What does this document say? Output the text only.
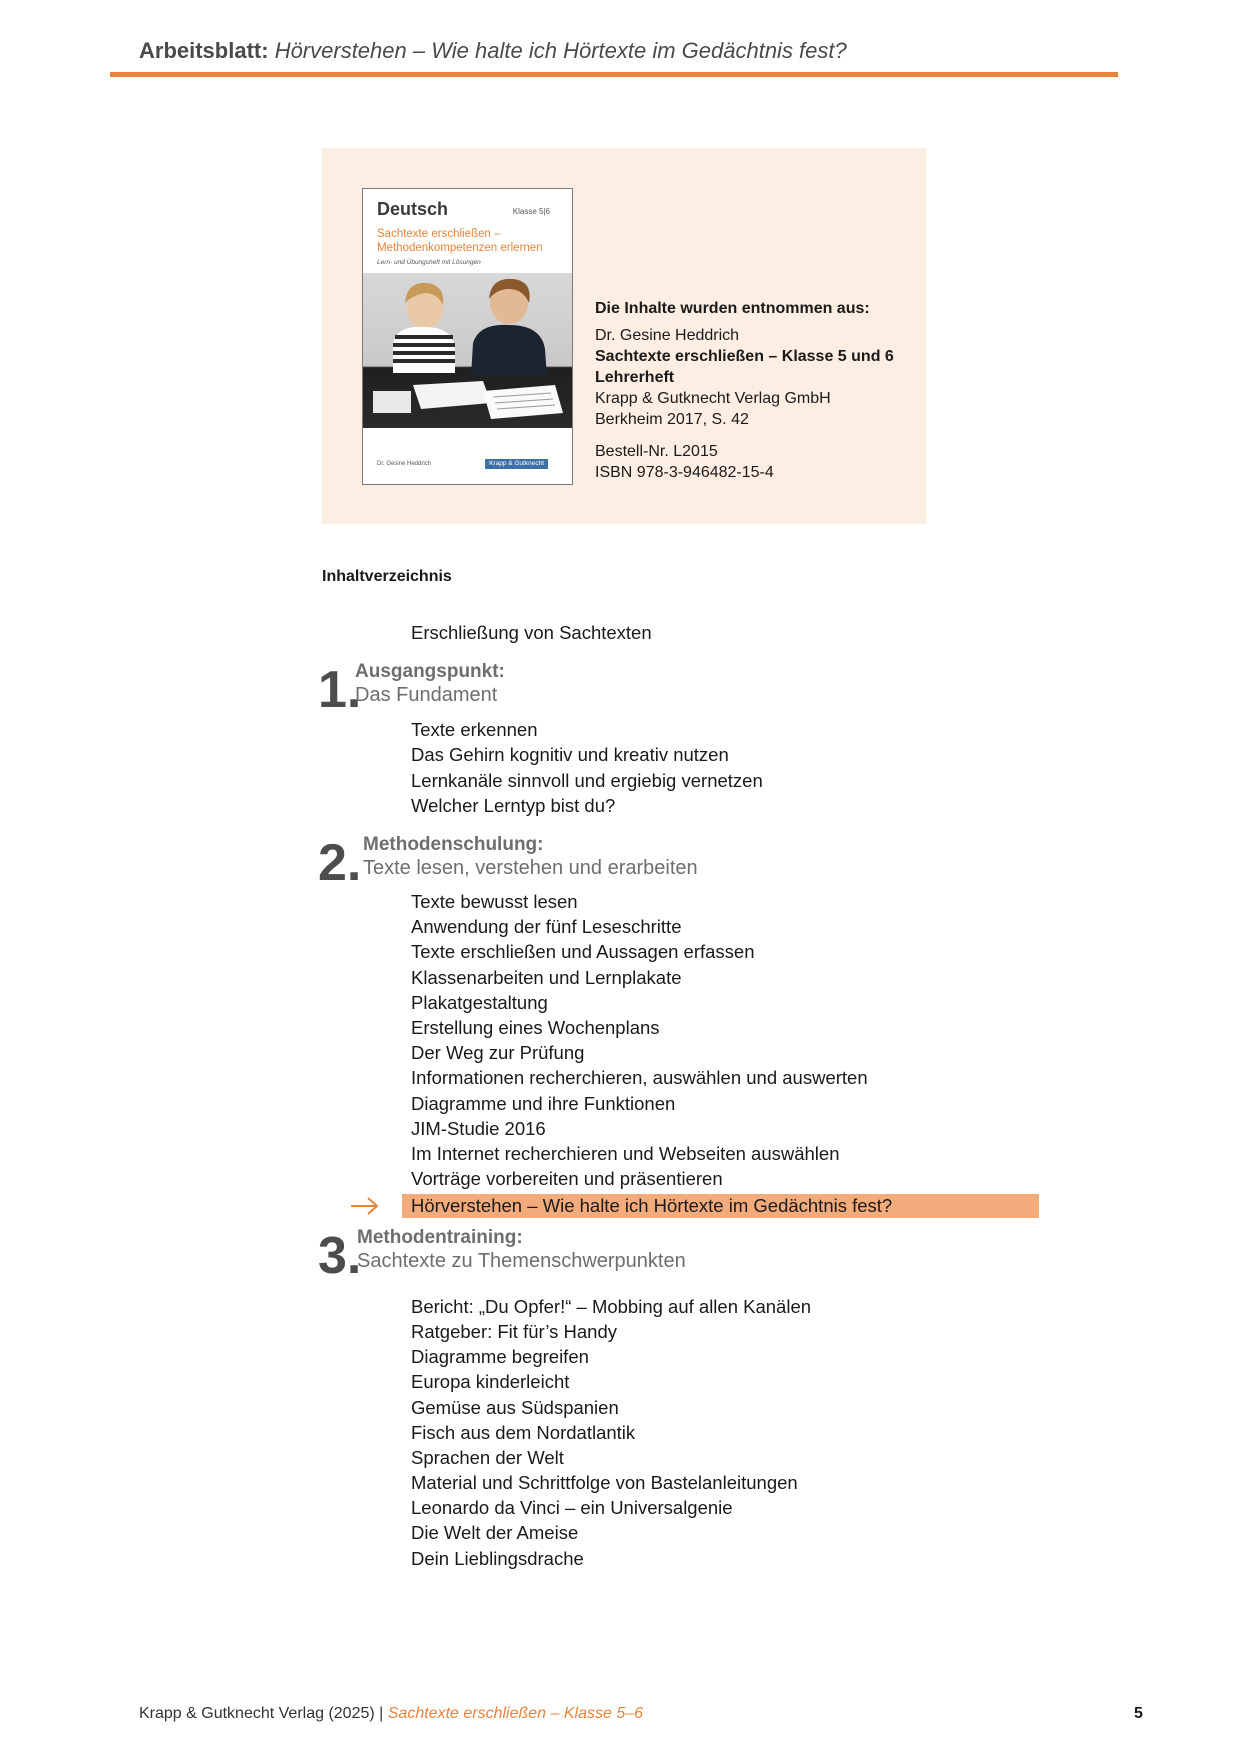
Arbeitsblatt: Hörverstehen – Wie halte ich Hörtexte im Gedächtnis fest?
Deutsch	Klasse 5|6
Sachtexte erschließen –
Methodenkompetenzen erlernen
Lern- und Übungsheft mit Lösungen
Dr. Gesine Heddrich	Krapp & Gutknecht
Die Inhalte wurden entnommen aus:
Dr. Gesine Heddrich
Sachtexte erschließen – Klasse 5 und 6
Lehrerheft
Krapp & Gutknecht Verlag GmbH
Berkheim 2017, S. 42
Bestell-Nr. L2015
ISBN 978-3-946482-15-4
Inhaltverzeichnis
Erschließung von Sachtexten
1.
Ausgangspunkt:
Das Fundament
Texte erkennen
Das Gehirn kognitiv und kreativ nutzen
Lernkanäle sinnvoll und ergiebig vernetzen
Welcher Lerntyp bist du?
2. Methodenschulung:
Texte lesen, verstehen und erarbeiten
Texte bewusst lesen
Anwendung der fünf Leseschritte
Texte erschließen und Aussagen erfassen
Klassenarbeiten und Lernplakate
Plakatgestaltung
Erstellung eines Wochenplans
Der Weg zur Prüfung
Informationen recherchieren, auswählen und auswerten
Diagramme und ihre Funktionen
JIM-Studie 2016
Im Internet recherchieren und Webseiten auswählen
Vorträge vorbereiten und präsentieren
Hörverstehen – Wie halte ich Hörtexte im Gedächtnis fest?
3.
Methodentraining:
Sachtexte zu Themenschwerpunkten
Bericht: „Du Opfer!“ – Mobbing auf allen Kanälen
Ratgeber: Fit für’s Handy
Diagramme begreifen
Europa kinderleicht
Gemüse aus Südspanien
Fisch aus dem Nordatlantik
Sprachen der Welt
Material und Schrittfolge von Bastelanleitungen
Leonardo da Vinci – ein Universalgenie
Die Welt der Ameise
Dein Lieblingsdrache
Krapp & Gutknecht Verlag (2025) | Sachtexte erschließen – Klasse 5–6	5
